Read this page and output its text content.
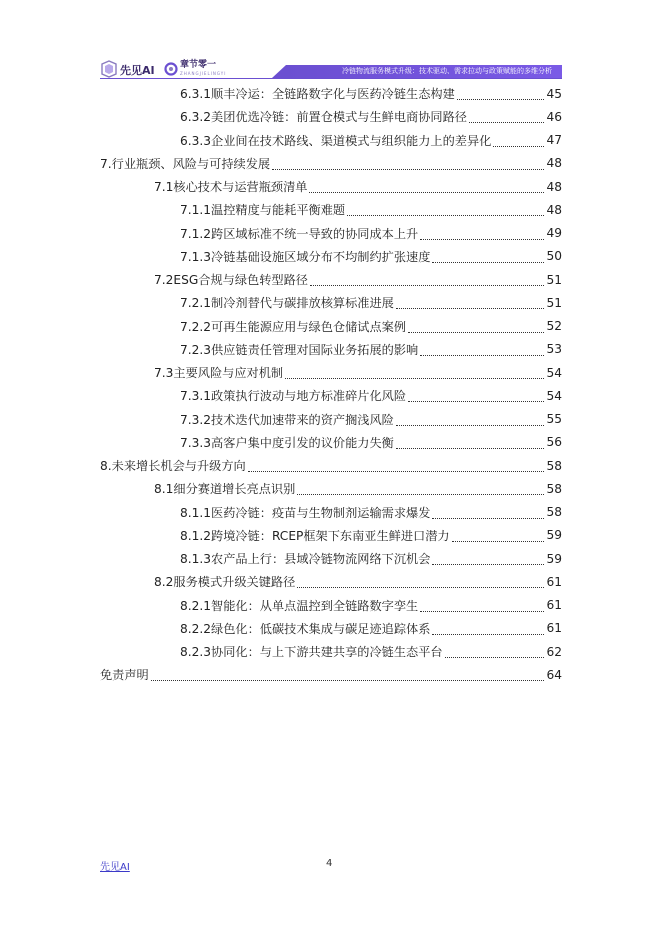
先见AI	章节零一
ZHANGJIELINGYI	冷链物流服务模式升级：技术驱动、需求拉动与政策赋能的多维分析
6.3.1顺丰冷运：全链路数字化与医药冷链生态构建	45
6.3.2美团优选冷链：前置仓模式与生鲜电商协同路径	46
6.3.3企业间在技术路线、渠道模式与组织能力上的差异化	47
7.行业瓶颈、风险与可持续发展	48
7.1核心技术与运营瓶颈清单	48
7.1.1温控精度与能耗平衡难题	48
7.1.2跨区域标准不统一导致的协同成本上升	49
7.1.3冷链基础设施区域分布不均制约扩张速度	50
7.2ESG合规与绿色转型路径	51
7.2.1制冷剂替代与碳排放核算标准进展	51
7.2.2可再生能源应用与绿色仓储试点案例	52
7.2.3供应链责任管理对国际业务拓展的影响	53
7.3主要风险与应对机制	54
7.3.1政策执行波动与地方标准碎片化风险	54
7.3.2技术迭代加速带来的资产搁浅风险	55
7.3.3高客户集中度引发的议价能力失衡	56
8.未来增长机会与升级方向	58
8.1细分赛道增长亮点识别	58
8.1.1医药冷链：疫苗与生物制剂运输需求爆发	58
8.1.2跨境冷链：RCEP框架下东南亚生鲜进口潜力	59
8.1.3农产品上行：县域冷链物流网络下沉机会	59
8.2服务模式升级关键路径	61
8.2.1智能化：从单点温控到全链路数字孪生	61
8.2.2绿色化：低碳技术集成与碳足迹追踪体系	61
8.2.3协同化：与上下游共建共享的冷链生态平台	62
免责声明	64
先见AI	4
